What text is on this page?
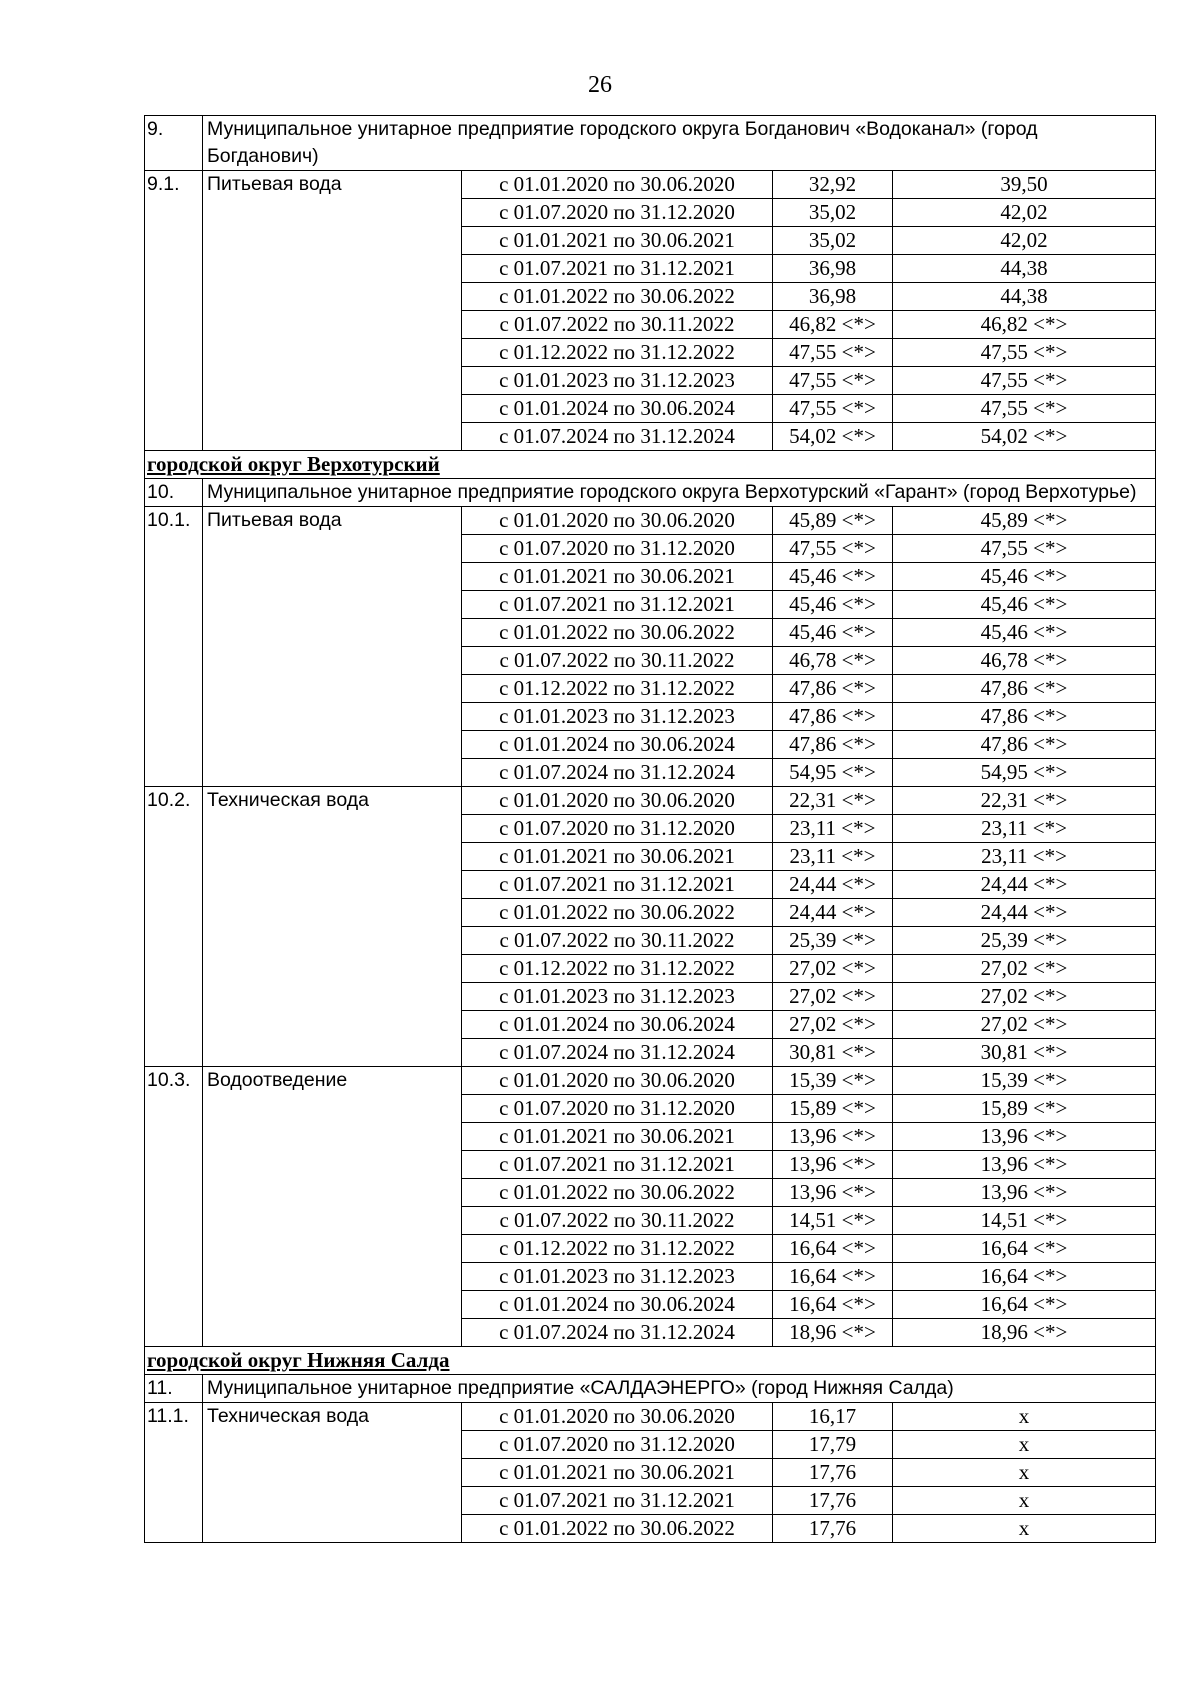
26
9.	Муниципальное унитарное предприятие городского округа Богданович «Водоканал» (город Богданович)			
9.1.	Питьевая вода	с 01.01.2020 по 30.06.2020	32,92	39,50
		с 01.07.2020 по 31.12.2020	35,02	42,02
		с 01.01.2021 по 30.06.2021	35,02	42,02
		с 01.07.2021 по 31.12.2021	36,98	44,38
		с 01.01.2022 по 30.06.2022	36,98	44,38
		с 01.07.2022 по 30.11.2022	46,82 <*>	46,82 <*>
		с 01.12.2022 по 31.12.2022	47,55 <*>	47,55 <*>
		с 01.01.2023 по 31.12.2023	47,55 <*>	47,55 <*>
		с 01.01.2024 по 30.06.2024	47,55 <*>	47,55 <*>
		с 01.07.2024 по 31.12.2024	54,02 <*>	54,02 <*>
городской округ Верхотурский				
10.	Муниципальное унитарное предприятие городского округа Верхотурский «Гарант» (город Верхотурье)			
10.1.	Питьевая вода	с 01.01.2020 по 30.06.2020	45,89 <*>	45,89 <*>
		с 01.07.2020 по 31.12.2020	47,55 <*>	47,55 <*>
		с 01.01.2021 по 30.06.2021	45,46 <*>	45,46 <*>
		с 01.07.2021 по 31.12.2021	45,46 <*>	45,46 <*>
		с 01.01.2022 по 30.06.2022	45,46 <*>	45,46 <*>
		с 01.07.2022 по 30.11.2022	46,78 <*>	46,78 <*>
		с 01.12.2022 по 31.12.2022	47,86 <*>	47,86 <*>
		с 01.01.2023 по 31.12.2023	47,86 <*>	47,86 <*>
		с 01.01.2024 по 30.06.2024	47,86 <*>	47,86 <*>
		с 01.07.2024 по 31.12.2024	54,95 <*>	54,95 <*>
10.2.	Техническая вода	с 01.01.2020 по 30.06.2020	22,31 <*>	22,31 <*>
		с 01.07.2020 по 31.12.2020	23,11 <*>	23,11 <*>
		с 01.01.2021 по 30.06.2021	23,11 <*>	23,11 <*>
		с 01.07.2021 по 31.12.2021	24,44 <*>	24,44 <*>
		с 01.01.2022 по 30.06.2022	24,44 <*>	24,44 <*>
		с 01.07.2022 по 30.11.2022	25,39 <*>	25,39 <*>
		с 01.12.2022 по 31.12.2022	27,02 <*>	27,02 <*>
		с 01.01.2023 по 31.12.2023	27,02 <*>	27,02 <*>
		с 01.01.2024 по 30.06.2024	27,02 <*>	27,02 <*>
		с 01.07.2024 по 31.12.2024	30,81 <*>	30,81 <*>
10.3.	Водоотведение	с 01.01.2020 по 30.06.2020	15,39 <*>	15,39 <*>
		с 01.07.2020 по 31.12.2020	15,89 <*>	15,89 <*>
		с 01.01.2021 по 30.06.2021	13,96 <*>	13,96 <*>
		с 01.07.2021 по 31.12.2021	13,96 <*>	13,96 <*>
		с 01.01.2022 по 30.06.2022	13,96 <*>	13,96 <*>
		с 01.07.2022 по 30.11.2022	14,51 <*>	14,51 <*>
		с 01.12.2022 по 31.12.2022	16,64 <*>	16,64 <*>
		с 01.01.2023 по 31.12.2023	16,64 <*>	16,64 <*>
		с 01.01.2024 по 30.06.2024	16,64 <*>	16,64 <*>
		с 01.07.2024 по 31.12.2024	18,96 <*>	18,96 <*>
городской округ Нижняя Салда				
11.	Муниципальное унитарное предприятие «САЛДАЭНЕРГО» (город Нижняя Салда)			
11.1.	Техническая вода	с 01.01.2020 по 30.06.2020	16,17	х
		с 01.07.2020 по 31.12.2020	17,79	х
		с 01.01.2021 по 30.06.2021	17,76	х
		с 01.07.2021 по 31.12.2021	17,76	х
		с 01.01.2022 по 30.06.2022	17,76	х
